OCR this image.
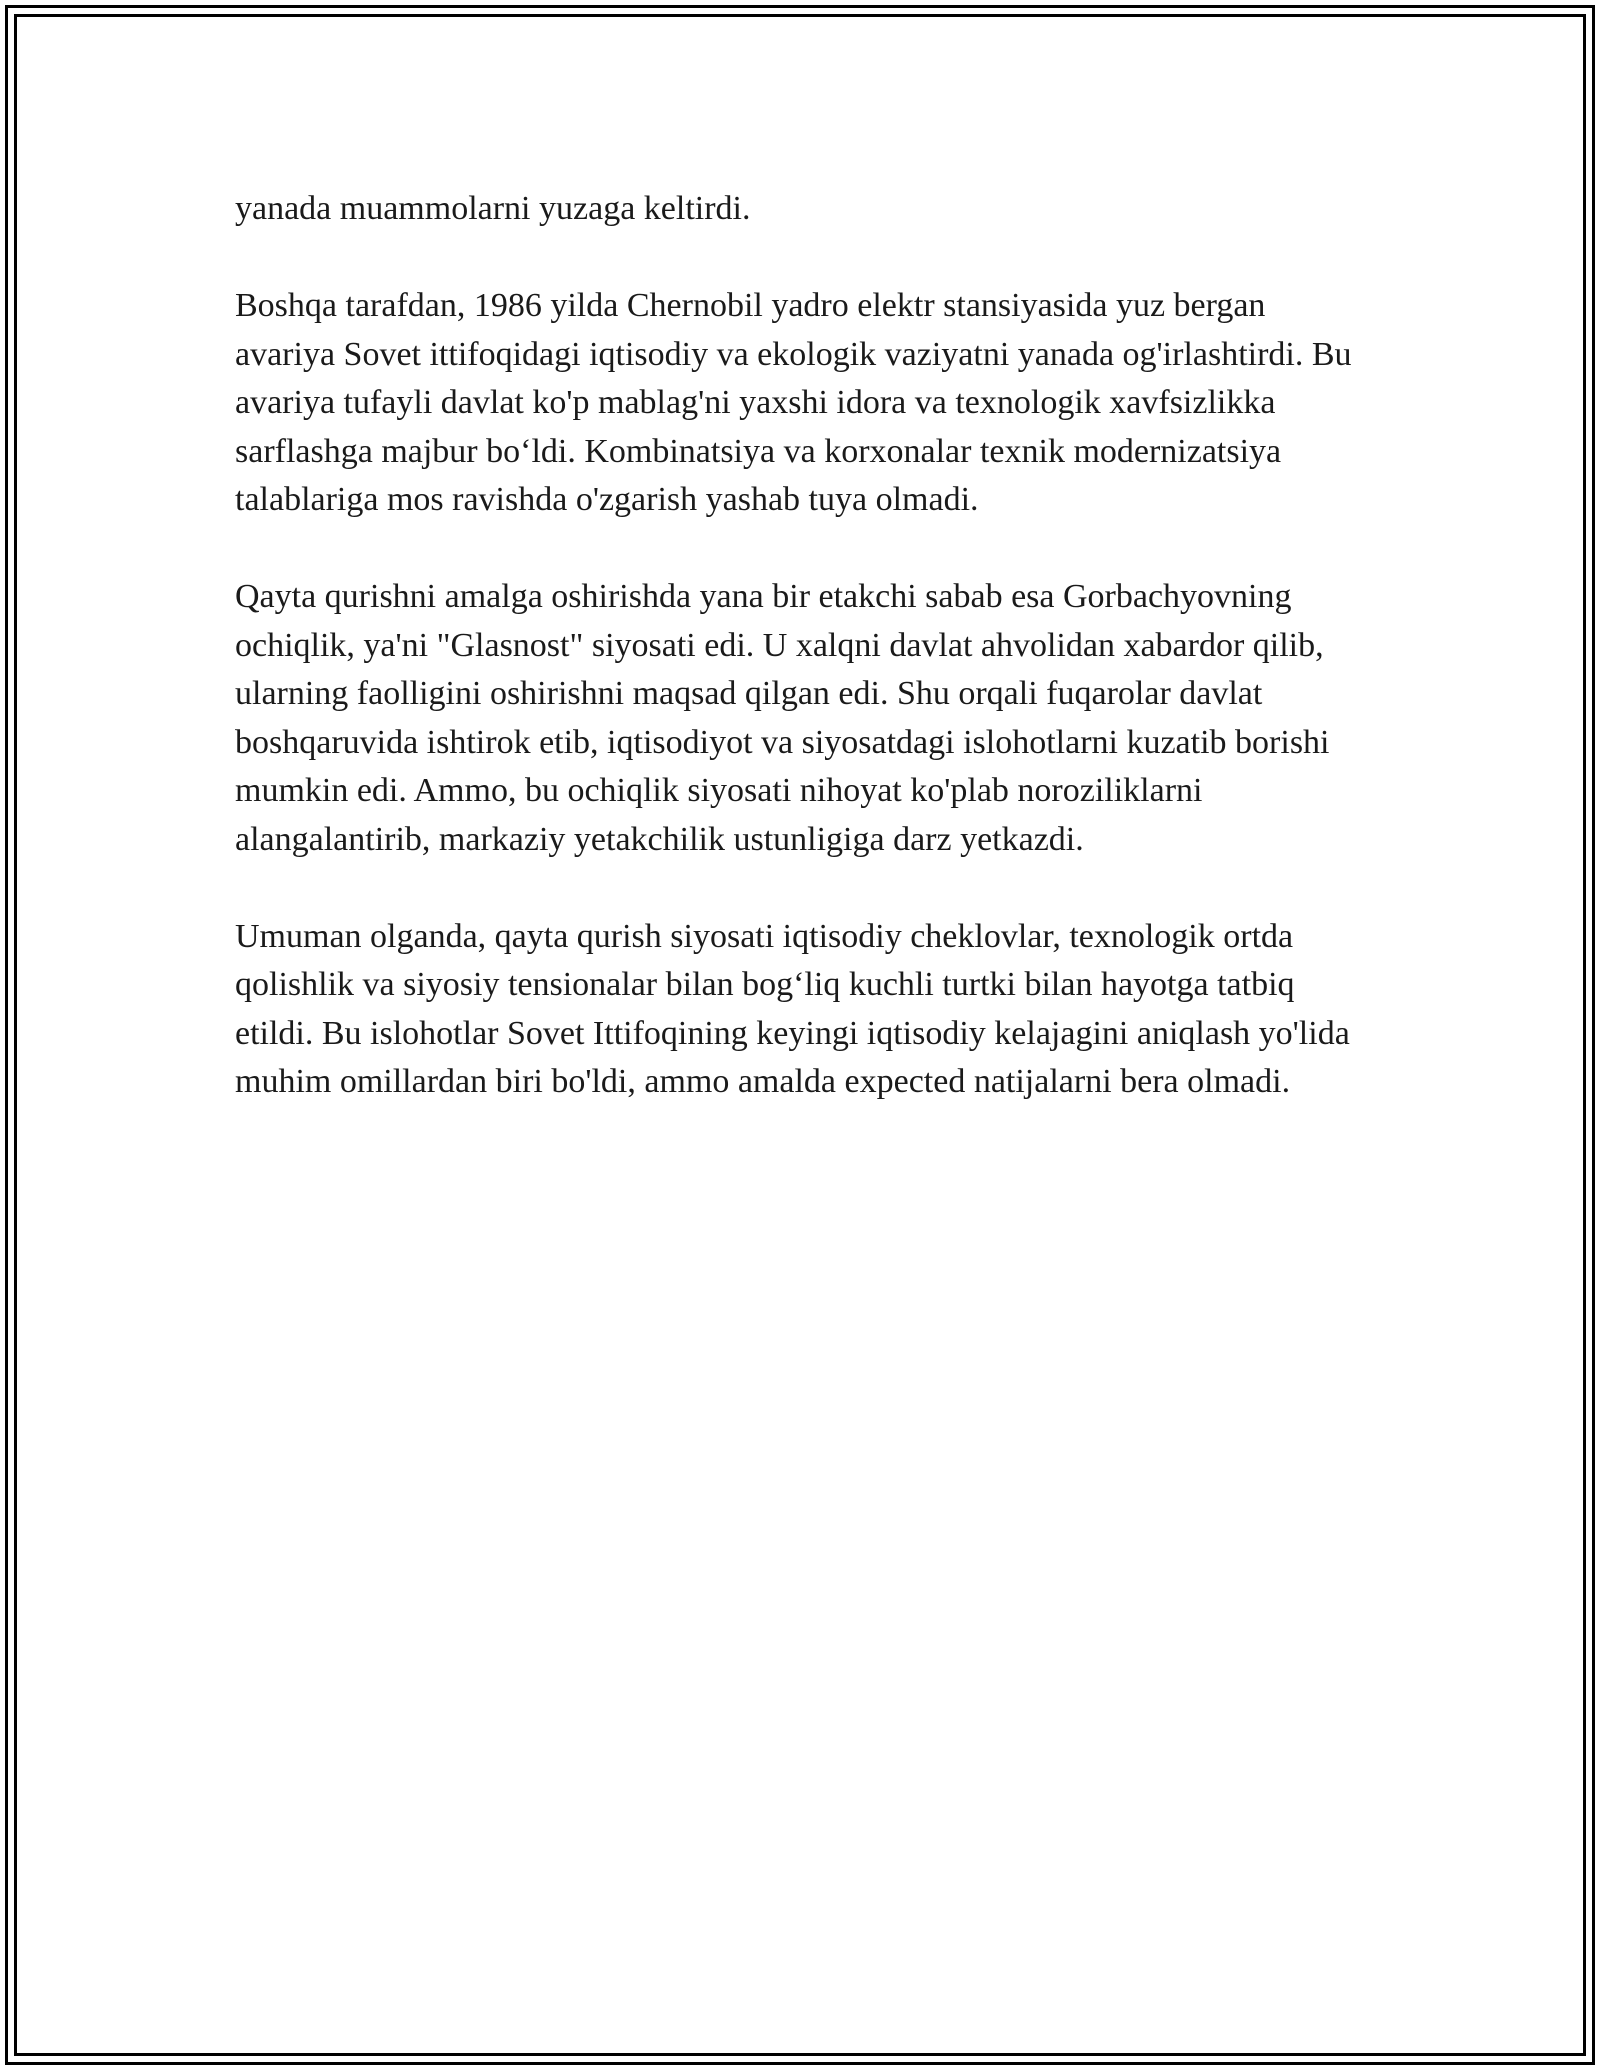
yanada muammolarni yuzaga keltirdi.

Boshqa tarafdan, 1986 yilda Chernobil yadro elektr stansiyasida yuz bergan avariya Sovet ittifoqidagi iqtisodiy va ekologik vaziyatni yanada og'irlashtirdi. Bu avariya tufayli davlat ko'p mablag'ni yaxshi idora va texnologik xavfsizlikka sarflashga majbur bo‘ldi. Kombinatsiya va korxonalar texnik modernizatsiya talablariga mos ravishda o'zgarish yashab tuya olmadi.

Qayta qurishni amalga oshirishda yana bir etakchi sabab esa Gorbachyovning ochiqlik, ya'ni "Glasnost" siyosati edi. U xalqni davlat ahvolidan xabardor qilib, ularning faolligini oshirishni maqsad qilgan edi. Shu orqali fuqarolar davlat boshqaruvida ishtirok etib, iqtisodiyot va siyosatdagi islohotlarni kuzatib borishi mumkin edi. Ammo, bu ochiqlik siyosati nihoyat ko'plab noroziliklarni alangalantirib, markaziy yetakchilik ustunligiga darz yetkazdi.

Umuman olganda, qayta qurish siyosati iqtisodiy cheklovlar, texnologik ortda qolishlik va siyosiy tensionalar bilan bog‘liq kuchli turtki bilan hayotga tatbiq etildi. Bu islohotlar Sovet Ittifoqining keyingi iqtisodiy kelajagini aniqlash yo'lida muhim omillardan biri bo'ldi, ammo amalda expected natijalarni bera olmadi.
